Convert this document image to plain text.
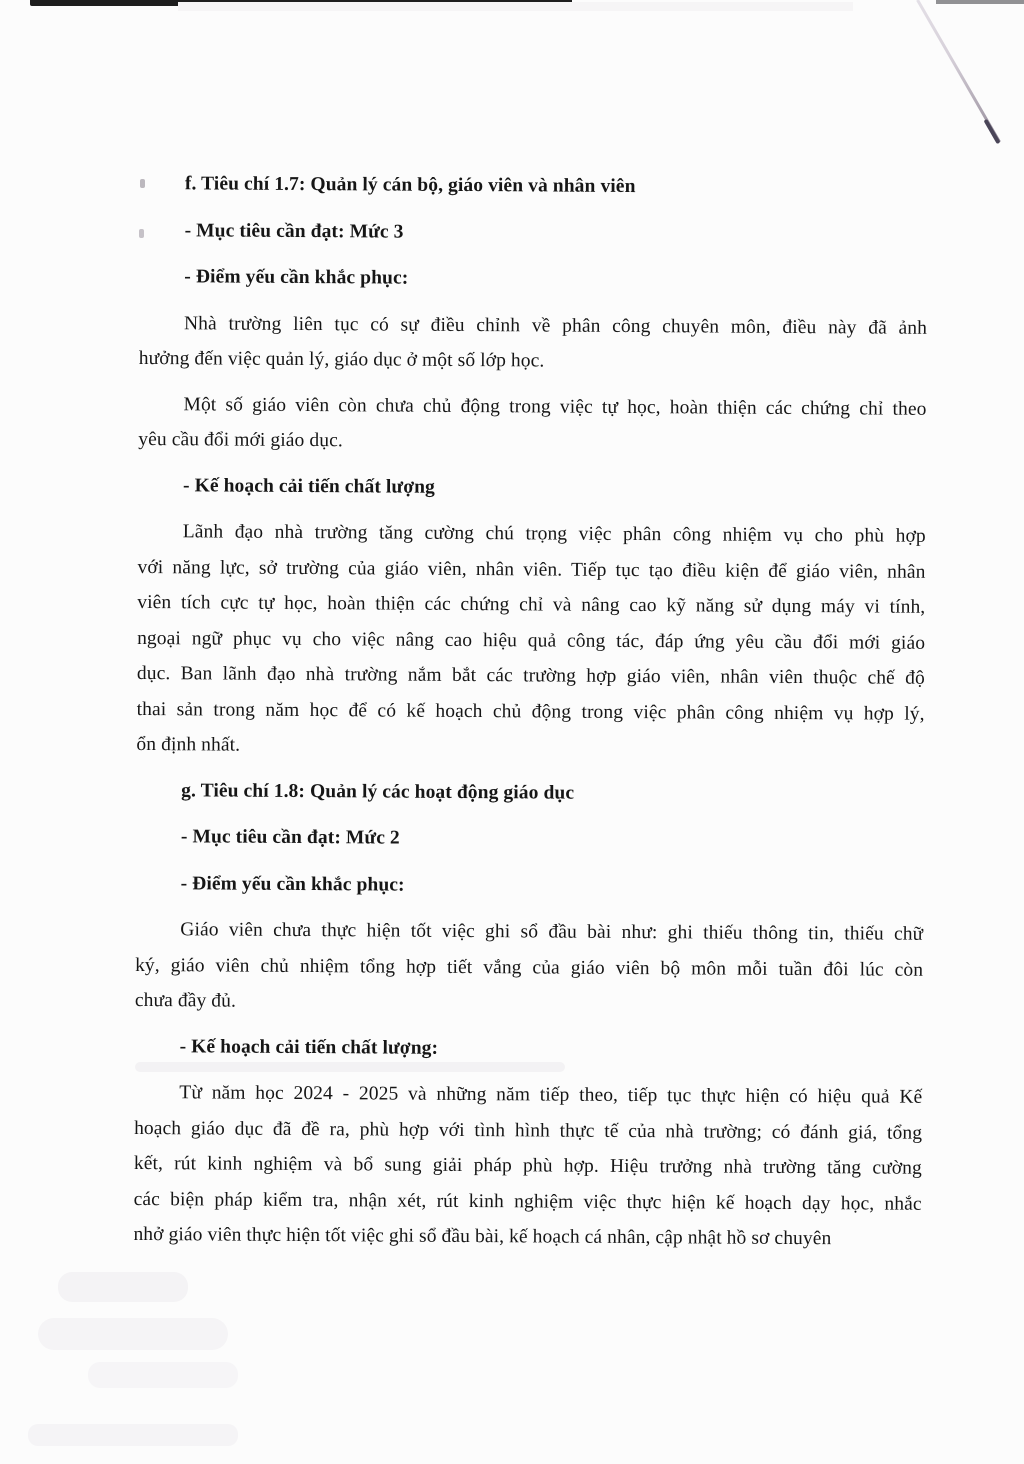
f. Tiêu chí 1.7: Quản lý cán bộ, giáo viên và nhân viên
- Mục tiêu cần đạt: Mức 3
- Điểm yếu cần khắc phục:
Nhà trường liên tục có sự điều chỉnh về phân công chuyên môn, điều này đã ảnh
hưởng đến việc quản lý, giáo dục ở một số lớp học.
Một số giáo viên còn chưa chủ động trong việc tự học, hoàn thiện các chứng chỉ theo
yêu cầu đổi mới giáo dục.
- Kế hoạch cải tiến chất lượng
Lãnh đạo nhà trường tăng cường chú trọng việc phân công nhiệm vụ cho phù hợp
với năng lực, sở trường của giáo viên, nhân viên. Tiếp tục tạo điều kiện để giáo viên, nhân
viên tích cực tự học, hoàn thiện các chứng chỉ và nâng cao kỹ năng sử dụng máy vi tính,
ngoại ngữ phục vụ cho việc nâng cao hiệu quả công tác, đáp ứng yêu cầu đổi mới giáo
dục. Ban lãnh đạo nhà trường nắm bắt các trường hợp giáo viên, nhân viên thuộc chế độ
thai sản trong năm học để có kế hoạch chủ động trong việc phân công nhiệm vụ hợp lý,
ổn định nhất.
g. Tiêu chí 1.8: Quản lý các hoạt động giáo dục
- Mục tiêu cần đạt: Mức 2
- Điểm yếu cần khắc phục:
Giáo viên chưa thực hiện tốt việc ghi sổ đầu bài như: ghi thiếu thông tin, thiếu chữ
ký, giáo viên chủ nhiệm tổng hợp tiết vắng của giáo viên bộ môn mỗi tuần đôi lúc còn
chưa đầy đủ.
- Kế hoạch cải tiến chất lượng:
Từ năm học 2024 - 2025 và những năm tiếp theo, tiếp tục thực hiện có hiệu quả Kế
hoạch giáo dục đã đề ra, phù hợp với tình hình thực tế của nhà trường; có đánh giá, tổng
kết, rút kinh nghiệm và bổ sung giải pháp phù hợp. Hiệu trưởng nhà trường tăng cường
các biện pháp kiểm tra, nhận xét, rút kinh nghiệm việc thực hiện kế hoạch dạy học, nhắc
nhở giáo viên thực hiện tốt việc ghi sổ đầu bài, kế hoạch cá nhân, cập nhật hồ sơ chuyên
